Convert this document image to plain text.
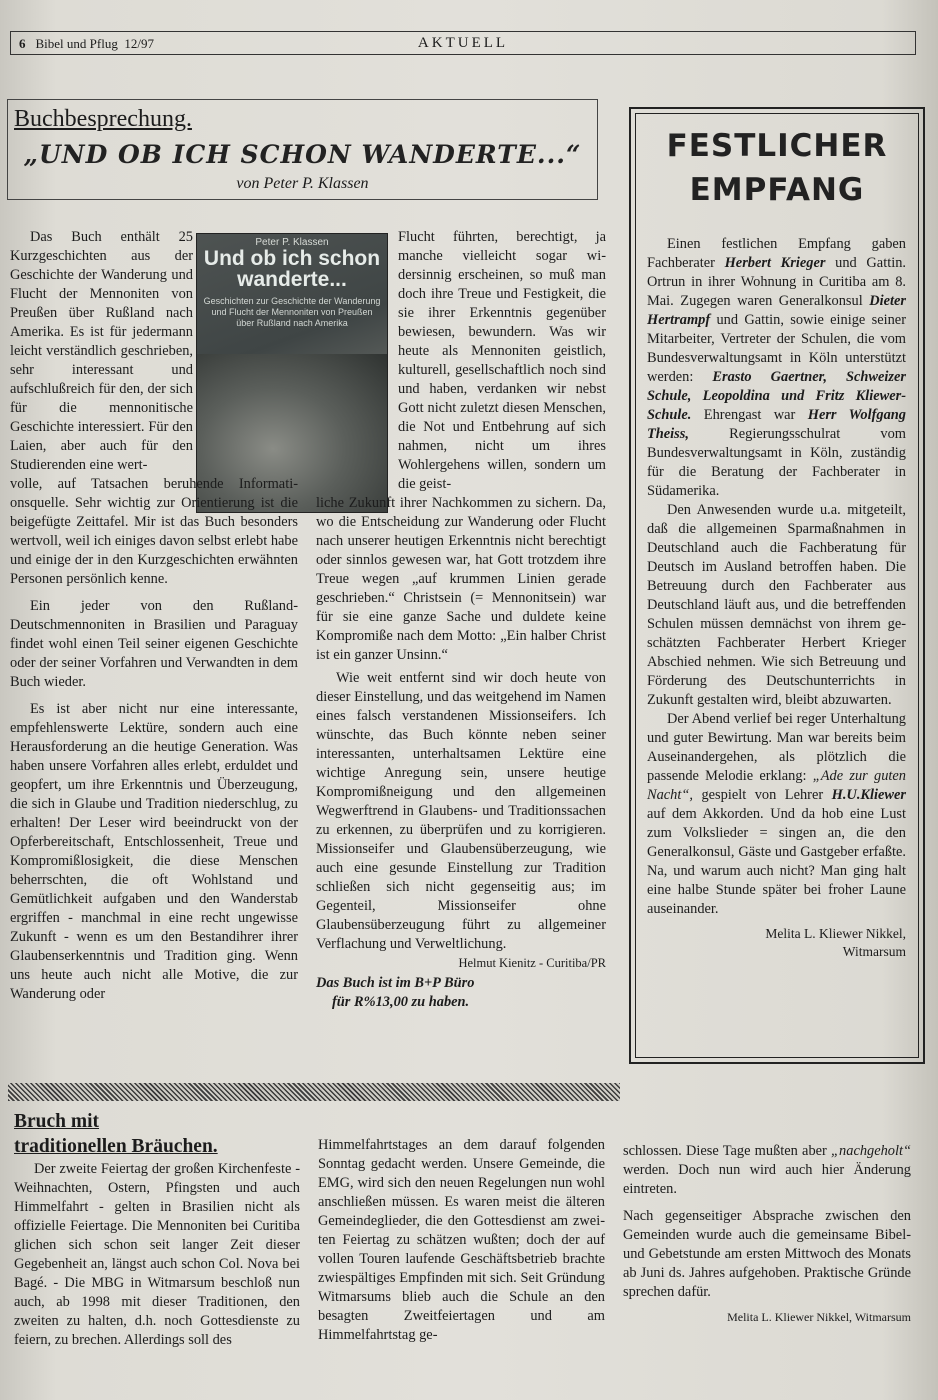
6 Bibel und Pflug 12/97	AKTUELL
Buchbesprechung.
„UND OB ICH SCHON WANDERTE...“
von Peter P. Klassen
Peter P. Klassen
Und ob ich schon wanderte...
Geschichten zur Geschichte der Wanderung und Flucht der Mennoniten von Preußen über Rußland nach Amerika

Das Buch enthält 25 Kurzgeschichten aus der Geschichte der Wanderung und Flucht der Mennoniten von Preußen über Rußland nach Amerika. Es ist für jedermann leicht verständlich geschrieben, sehr interessant und aufschlußreich für den, der sich für die mennonitische Geschichte interessiert. Für den Laien, aber auch für den Studierenden eine wert-

volle, auf Tatsachen beruhende Informationsquelle. Sehr wichtig zur Orientierung ist die beigefügte Zeittafel. Mir ist das Buch besonders wertvoll, weil ich einiges davon selbst erlebt habe und einige der in den Kurzgeschichten erwähnten Personen persönlich kenne.

Ein jeder von den Rußland-Deutschmennoniten in Brasilien und Paraguay findet wohl einen Teil seiner eigenen Geschichte oder der seiner Vorfahren und Verwandten in dem Buch wieder.

Es ist aber nicht nur eine interessante, empfehlenswerte Lektüre, sondern auch eine Herausforderung an die heutige Generation. Was haben unsere Vorfahren alles erlebt, erduldet und geopfert, um ihre Erkenntnis und Überzeugung, die sich in Glaube und Tradition niederschlug, zu erhalten! Der Leser wird beeindruckt von der Opferbereitschaft, Entschlossenheit, Treue und Kompromißlosigkeit, die diese Menschen beherrschten, die oft Wohlstand und Gemütlichkeit aufgaben und den Wanderstab ergriffen - manchmal in eine recht ungewisse Zukunft - wenn es um den Bestandihrer ihrer Glaubenserkenntnis und Tradition ging. Wenn uns heute auch nicht alle Motive, die zur Wanderung oder

Flucht führten, berechtigt, ja manche vielleicht sogar widersinnig erscheinen, so muß man doch ihre Treue und Festigkeit, die sie ihrer Erkenntnis gegenüber bewiesen, bewundern. Was wir heute als Mennoniten geistlich, kulturell, gesellschaftlich noch sind und haben, verdanken wir nebst Gott nicht zuletzt diesen Menschen, die Not und Entbehrung auf sich nahmen, nicht um ihres Wohlergehens willen, sondern um die geist-

liche Zukunft ihrer Nachkommen zu sichern. Da, wo die Entscheidung zur Wanderung oder Flucht nach unserer heutigen Erkenntnis nicht berechtigt oder sinnlos gewesen war, hat Gott trotzdem ihre Treue wegen „auf krummen Linien gerade geschrieben.“ Christsein (= Mennonitsein) war für sie eine ganze Sache und duldete keine Kompromiße nach dem Motto: „Ein halber Christ ist ein ganzer Unsinn.“

Wie weit entfernt sind wir doch heute von dieser Einstellung, und das weitgehend im Namen eines falsch verstandenen Missionseifers. Ich wünschte, das Buch könnte neben seiner interessanten, unterhaltsamen Lektüre eine wichtige Anregung sein, unsere heutige Kompromißneigung und den allgemeinen Wegwerftrend in Glaubens- und Traditionssachen zu erkennen, zu überprüfen und zu korrigieren. Missionseifer und Glaubensüberzeugung, wie auch eine gesunde Einstellung zur Tradition schließen sich nicht gegenseitig aus; im Gegenteil, Missionseifer ohne Glaubensüberzeugung führt zu allgemeiner Verflachung und Verweltlichung.

Helmut Kienitz - Curitiba/PR

Das Buch ist im B+P Büro

für R%13,00 zu haben.

FESTLICHER
EMPFANG

Einen festlichen Empfang gaben Fachberater Herbert Krieger und Gattin. Ortrun in ihrer Wohnung in Curitiba am 8. Mai. Zugegen waren Generalkonsul Dieter Hertrampf und Gattin, sowie einige seiner Mitarbeiter, Vertreter der Schulen, die vom Bundesverwaltungsamt in Köln unterstützt werden: Erasto Gaertner, Schweizer Schule, Leopoldina und Fritz Kliewer-Schule. Ehrengast war Herr Wolfgang Theiss, Regierungsschulrat vom Bundesverwaltungsamt in Köln, zuständig für die Beratung der Fachberater in Südamerika.

Den Anwesenden wurde u.a. mitgeteilt, daß die allgemeinen Sparmaßnahmen in Deutschland auch die Fachberatung für Deutsch im Ausland betroffen haben. Die Betreuung durch den Fachberater aus Deutschland läuft aus, und die betreffenden Schulen müssen demnächst von ihrem geschätzten Fachberater Herbert Krieger Abschied nehmen. Wie sich Betreuung und Förderung des Deutschunterrichts in Zukunft gestalten wird, bleibt abzuwarten.

Der Abend verlief bei reger Unterhaltung und guter Bewirtung. Man war bereits beim Auseinandergehen, als plötzlich die passende Melodie erklang: „Ade zur guten Nacht“, gespielt von Lehrer H.U.Kliewer auf dem Akkorden. Und da hob eine Lust zum Volkslieder = singen an, die den Generalkonsul, Gäste und Gastgeber erfaßte. Na, und warum auch nicht? Man ging halt eine halbe Stunde später bei froher Laune auseinander.

Melita L. Kliewer Nikkel,

Witmarsum

Bruch mit
traditionellen Bräuchen.

Der zweite Feiertag der großen Kirchenfeste - Weihnachten, Ostern, Pfingsten und auch Himmelfahrt - gelten in Brasilien nicht als offizielle Feiertage. Die Mennoniten bei Curitiba glichen sich schon seit langer Zeit dieser Gegebenheit an, längst auch schon Col. Nova bei Bagé. - Die MBG in Witmarsum beschloß nun auch, ab 1998 mit dieser Traditionen, den zweiten zu halten, d.h. noch Gottesdienste zu feiern, zu brechen. Allerdings soll des

Himmelfahrtstages an dem darauf folgenden Sonntag gedacht werden. Unsere Gemeinde, die EMG, wird sich den neuen Regelungen nun wohl anschließen müssen. Es waren meist die älteren Gemeindeglieder, die den Gottesdienst am zweiten Feiertag zu schätzen wußten; doch der auf vollen Touren laufende Geschäftsbetrieb brachte zwiespältiges Empfinden mit sich. Seit Gründung Witmarsums blieb auch die Schule an den besagten Zweitfeiertagen und am Himmelfahrtstag ge-

schlossen. Diese Tage mußten aber „nachgeholt“ werden. Doch nun wird auch hier Änderung eintreten.

Nach gegenseitiger Absprache zwischen den Gemeinden wurde auch die gemeinsame Bibel- und Gebetstunde am ersten Mittwoch des Monats ab Juni ds. Jahres aufgehoben. Praktische Gründe sprechen dafür.

Melita L. Kliewer Nikkel, Witmarsum
